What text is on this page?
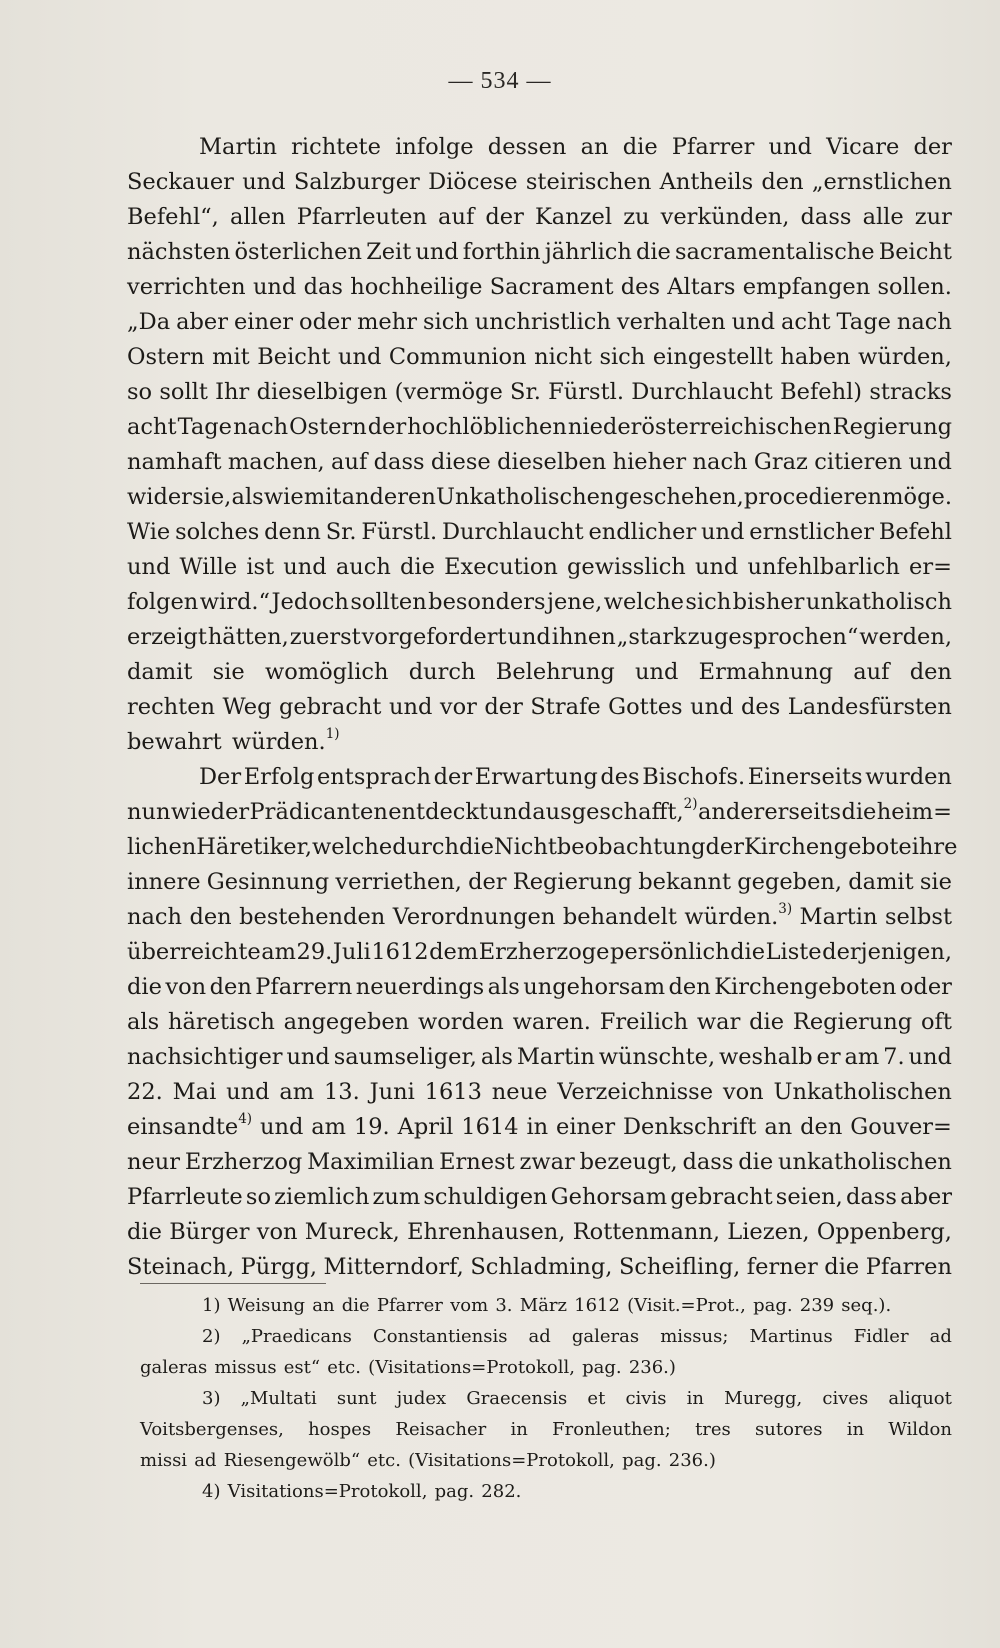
— 534 —
Martin richtete infolge dessen an die Pfarrer und Vicare der
Seckauer und Salzburger Diöcese steirischen Antheils den „ernstlichen
Befehl“, allen Pfarrleuten auf der Kanzel zu verkünden, dass alle zur
nächsten österlichen Zeit und forthin jährlich die sacramentalische Beicht
verrichten und das hochheilige Sacrament des Altars empfangen sollen.
„Da aber einer oder mehr sich unchristlich verhalten und acht Tage nach
Ostern mit Beicht und Communion nicht sich eingestellt haben würden,
so sollt Ihr dieselbigen (vermöge Sr. Fürstl. Durchlaucht Befehl) stracks
acht Tage nach Ostern der hochlöblichen niederösterreichischen Regierung
namhaft machen, auf dass diese dieselben hieher nach Graz citieren und
wider sie, als wie mit anderen Unkatholischen geschehen, procedieren möge.
Wie solches denn Sr. Fürstl. Durchlaucht endlicher und ernstlicher Befehl
und Wille ist und auch die Execution gewisslich und unfehlbarlich er=
folgen wird.“ Jedoch sollten besonders jene, welche sich bisher unkatholisch
erzeigt hätten, zuerst vorgefordert und ihnen „stark zugesprochen“ werden,
damit sie womöglich durch Belehrung und Ermahnung auf den
rechten Weg gebracht und vor der Strafe Gottes und des Landesfürsten
bewahrt würden.$^{1)}$
Der Erfolg entsprach der Erwartung des Bischofs. Einerseits wurden
nun wieder Prädicanten entdeckt und ausgeschafft,$^{2)}$ andererseits die heim=
lichen Häretiker, welche durch die Nichtbeobachtung der Kirchengebote ihre
innere Gesinnung verriethen, der Regierung bekannt gegeben, damit sie
nach den bestehenden Verordnungen behandelt würden.$^{3)}$ Martin selbst
überreichte am 29. Juli 1612 dem Erzherzoge persönlich die Liste derjenigen,
die von den Pfarrern neuerdings als ungehorsam den Kirchengeboten oder
als häretisch angegeben worden waren. Freilich war die Regierung oft
nachsichtiger und saumseliger, als Martin wünschte, weshalb er am 7. und
22. Mai und am 13. Juni 1613 neue Verzeichnisse von Unkatholischen
einsandte$^{4)}$ und am 19. April 1614 in einer Denkschrift an den Gouver=
neur Erzherzog Maximilian Ernest zwar bezeugt, dass die unkatholischen
Pfarrleute so ziemlich zum schuldigen Gehorsam gebracht seien, dass aber
die Bürger von Mureck, Ehrenhausen, Rottenmann, Liezen, Oppenberg,
Steinach, Pürgg, Mitterndorf, Schladming, Scheifling, ferner die Pfarren
1) Weisung an die Pfarrer vom 3. März 1612 (Visit.=Prot., pag. 239 seq.).
2) „Praedicans Constantiensis ad galeras missus; Martinus Fidler ad
galeras missus est“ etc. (Visitations=Protokoll, pag. 236.)
3) „Multati sunt judex Graecensis et civis in Muregg, cives aliquot
Voitsbergenses, hospes Reisacher in Fronleuthen; tres sutores in Wildon
missi ad Riesengewölb“ etc. (Visitations=Protokoll, pag. 236.)
4) Visitations=Protokoll, pag. 282.
